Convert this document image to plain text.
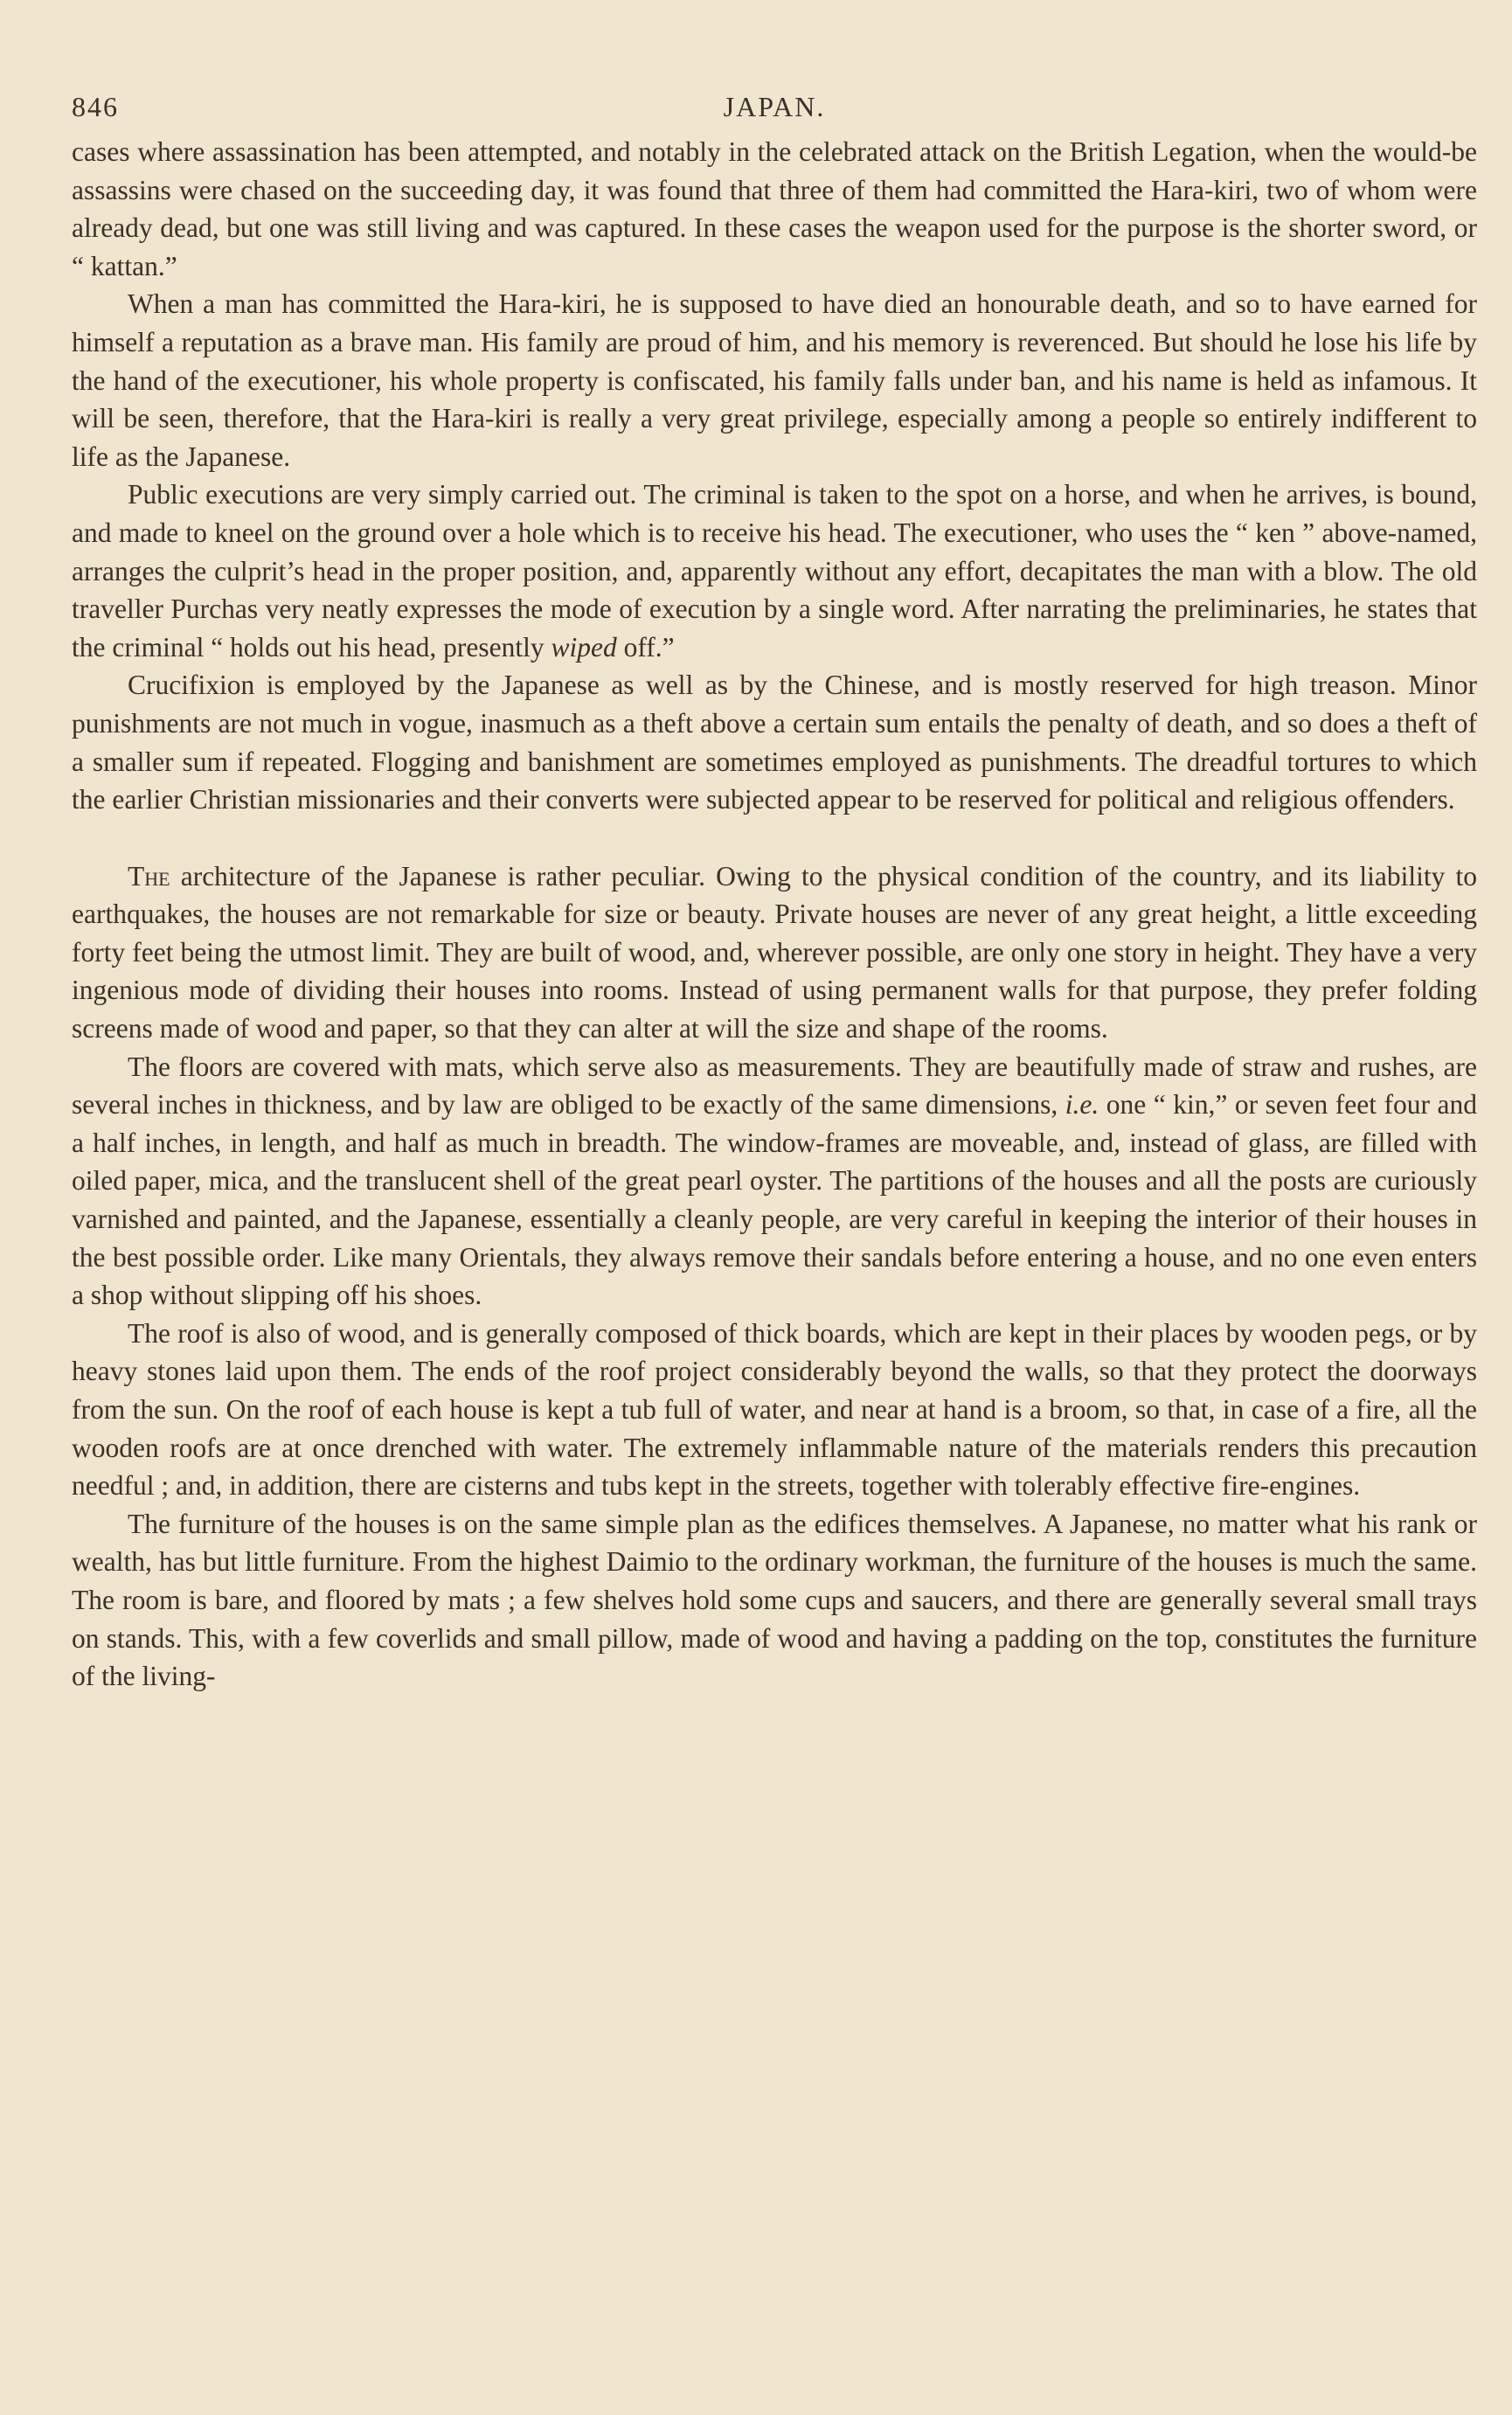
846	JAPAN.

cases where assassination has been attempted, and notably in the celebrated attack on the British Legation, when the would-be assassins were chased on the succeeding day, it was found that three of them had committed the Hara-kiri, two of whom were already dead, but one was still living and was captured. In these cases the weapon used for the purpose is the shorter sword, or “ kattan.”

When a man has committed the Hara-kiri, he is supposed to have died an honourable death, and so to have earned for himself a reputation as a brave man. His family are proud of him, and his memory is reverenced. But should he lose his life by the hand of the executioner, his whole property is confiscated, his family falls under ban, and his name is held as infamous. It will be seen, therefore, that the Hara-kiri is really a very great privilege, especially among a people so entirely indifferent to life as the Japanese.

Public executions are very simply carried out. The criminal is taken to the spot on a horse, and when he arrives, is bound, and made to kneel on the ground over a hole which is to receive his head. The executioner, who uses the “ ken ” above-named, arranges the culprit’s head in the proper position, and, apparently without any effort, decapitates the man with a blow. The old traveller Purchas very neatly expresses the mode of execution by a single word. After narrating the preliminaries, he states that the criminal “ holds out his head, presently wiped off.”

Crucifixion is employed by the Japanese as well as by the Chinese, and is mostly reserved for high treason. Minor punishments are not much in vogue, inasmuch as a theft above a certain sum entails the penalty of death, and so does a theft of a smaller sum if repeated. Flogging and banishment are sometimes employed as punishments. The dreadful tortures to which the earlier Christian missionaries and their converts were subjected appear to be reserved for political and religious offenders.

The architecture of the Japanese is rather peculiar. Owing to the physical condition of the country, and its liability to earthquakes, the houses are not remarkable for size or beauty. Private houses are never of any great height, a little exceeding forty feet being the utmost limit. They are built of wood, and, wherever possible, are only one story in height. They have a very ingenious mode of dividing their houses into rooms. Instead of using permanent walls for that purpose, they prefer folding screens made of wood and paper, so that they can alter at will the size and shape of the rooms.

The floors are covered with mats, which serve also as measurements. They are beautifully made of straw and rushes, are several inches in thickness, and by law are obliged to be exactly of the same dimensions, i.e. one “ kin,” or seven feet four and a half inches, in length, and half as much in breadth. The window-frames are moveable, and, instead of glass, are filled with oiled paper, mica, and the translucent shell of the great pearl oyster. The partitions of the houses and all the posts are curiously varnished and painted, and the Japanese, essentially a cleanly people, are very careful in keeping the interior of their houses in the best possible order. Like many Orientals, they always remove their sandals before entering a house, and no one even enters a shop without slipping off his shoes.

The roof is also of wood, and is generally composed of thick boards, which are kept in their places by wooden pegs, or by heavy stones laid upon them. The ends of the roof project considerably beyond the walls, so that they protect the doorways from the sun. On the roof of each house is kept a tub full of water, and near at hand is a broom, so that, in case of a fire, all the wooden roofs are at once drenched with water. The extremely inflammable nature of the materials renders this precaution needful ; and, in addition, there are cisterns and tubs kept in the streets, together with tolerably effective fire-engines.

The furniture of the houses is on the same simple plan as the edifices themselves. A Japanese, no matter what his rank or wealth, has but little furniture. From the highest Daimio to the ordinary workman, the furniture of the houses is much the same. The room is bare, and floored by mats ; a few shelves hold some cups and saucers, and there are generally several small trays on stands. This, with a few coverlids and small pillow, made of wood and having a padding on the top, constitutes the furniture of the living-
